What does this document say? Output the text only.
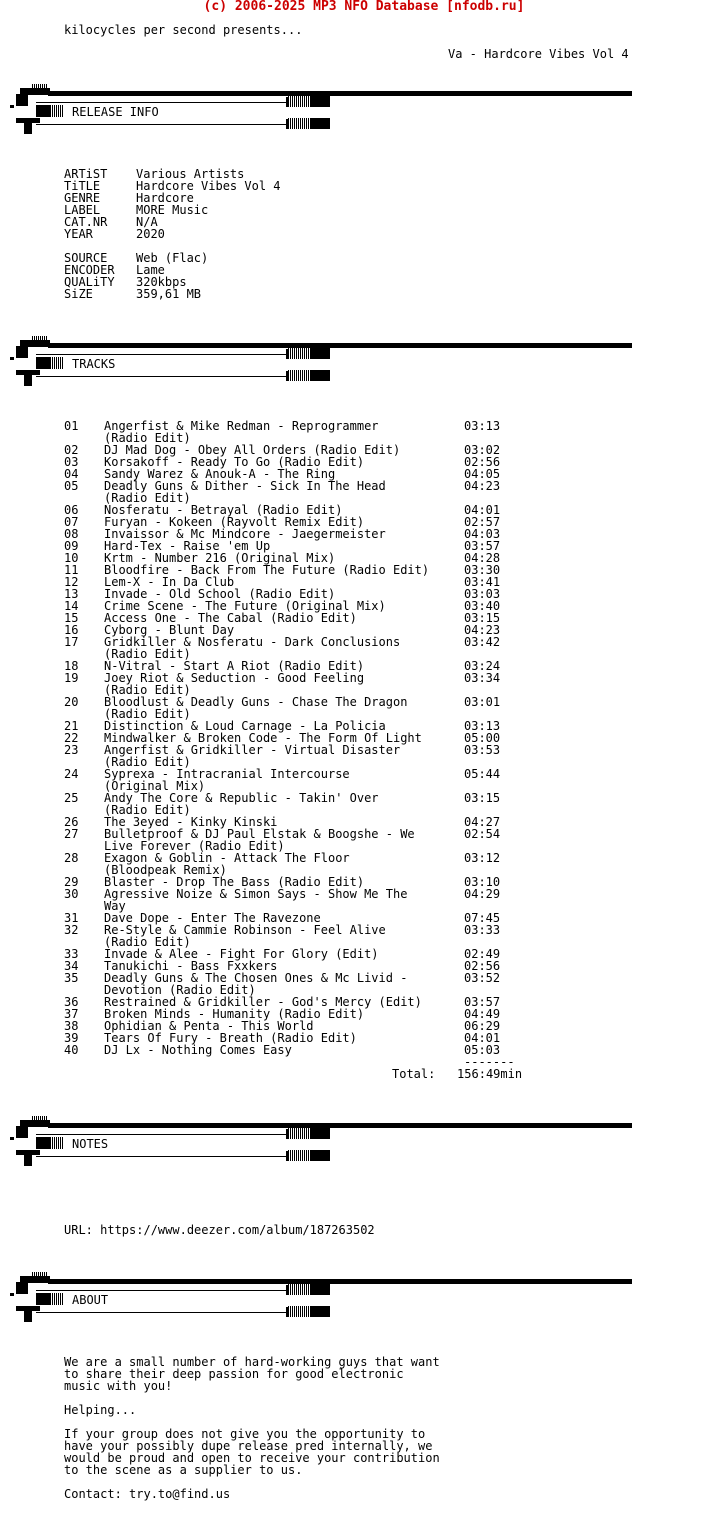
(c) 2006-2025 MP3 NFO Database [nfodb.ru]
kilocycles per second presents...
Va - Hardcore Vibes Vol 4
RELEASE INFO
ARTiST Various Artists
TiTLE	Hardcore Vibes Vol 4
GENRE	Hardcore
LABEL	MORE Music
CAT.NR N/A
YEAR	2020
SOURCE Web (Flac)
ENCODER Lame
QUALiTY 320kbps
SiZE	359,61 MB
TRACKS
01 Angerfist & Mike Redman - Reprogrammer	03:13
(Radio Edit)
02 DJ Mad Dog - Obey All Orders (Radio Edit)	03:02
03 Korsakoff - Ready To Go (Radio Edit)	02:56
04 Sandy Warez & Anouk-A - The Ring	04:05
05 Deadly Guns & Dither - Sick In The Head	04:23
(Radio Edit)
06 Nosferatu - Betrayal (Radio Edit)	04:01
07 Furyan - Kokeen (Rayvolt Remix Edit)	02:57
08 Invaissor & Mc Mindcore - Jaegermeister	04:03
09 Hard-Tex - Raise 'em Up	03:57
10 Krtm - Number 216 (Original Mix)	04:28
11 Bloodfire - Back From The Future (Radio Edit)	03:30
12 Lem-X - In Da Club	03:41
13 Invade - Old School (Radio Edit)	03:03
14 Crime Scene - The Future (Original Mix)	03:40
15 Access One - The Cabal (Radio Edit)	03:15
16 Cyborg - Blunt Day	04:23
17 Gridkiller & Nosferatu - Dark Conclusions	03:42
(Radio Edit)
18 N-Vitral - Start A Riot (Radio Edit)	03:24
19 Joey Riot & Seduction - Good Feeling	03:34
(Radio Edit)
20 Bloodlust & Deadly Guns - Chase The Dragon	03:01
(Radio Edit)
21 Distinction & Loud Carnage - La Policia	03:13
22 Mindwalker & Broken Code - The Form Of Light	05:00
23 Angerfist & Gridkiller - Virtual Disaster	03:53
(Radio Edit)
24 Syprexa - Intracranial Intercourse	05:44
(Original Mix)
25 Andy The Core & Republic - Takin' Over	03:15
(Radio Edit)
26 The 3eyed - Kinky Kinski	04:27
27 Bulletproof & DJ Paul Elstak & Boogshe - We	02:54
Live Forever (Radio Edit)
28 Exagon & Goblin - Attack The Floor	03:12
(Bloodpeak Remix)
29 Blaster - Drop The Bass (Radio Edit)	03:10
30 Agressive Noize & Simon Says - Show Me The	04:29
Way
31 Dave Dope - Enter The Ravezone	07:45
32 Re-Style & Cammie Robinson - Feel Alive	03:33
(Radio Edit)
33 Invade & Alee - Fight For Glory (Edit)	02:49
34 Tanukichi - Bass Fxxkers	02:56
35 Deadly Guns & The Chosen Ones & Mc Livid -	03:52
Devotion (Radio Edit)
36 Restrained & Gridkiller - God's Mercy (Edit)	03:57
37 Broken Minds - Humanity (Radio Edit)	04:49
38 Ophidian & Penta - This World	06:29
39 Tears Of Fury - Breath (Radio Edit)	04:01
40 DJ Lx - Nothing Comes Easy	05:03
-------
Total: 156:49min
NOTES
URL: https://www.deezer.com/album/187263502
ABOUT
We are a small number of hard-working guys that want
to share their deep passion for good electronic
music with you!
Helping...
If your group does not give you the opportunity to
have your possibly dupe release pred internally, we
would be proud and open to receive your contribution
to the scene as a supplier to us.
Contact: try.to@find.us
